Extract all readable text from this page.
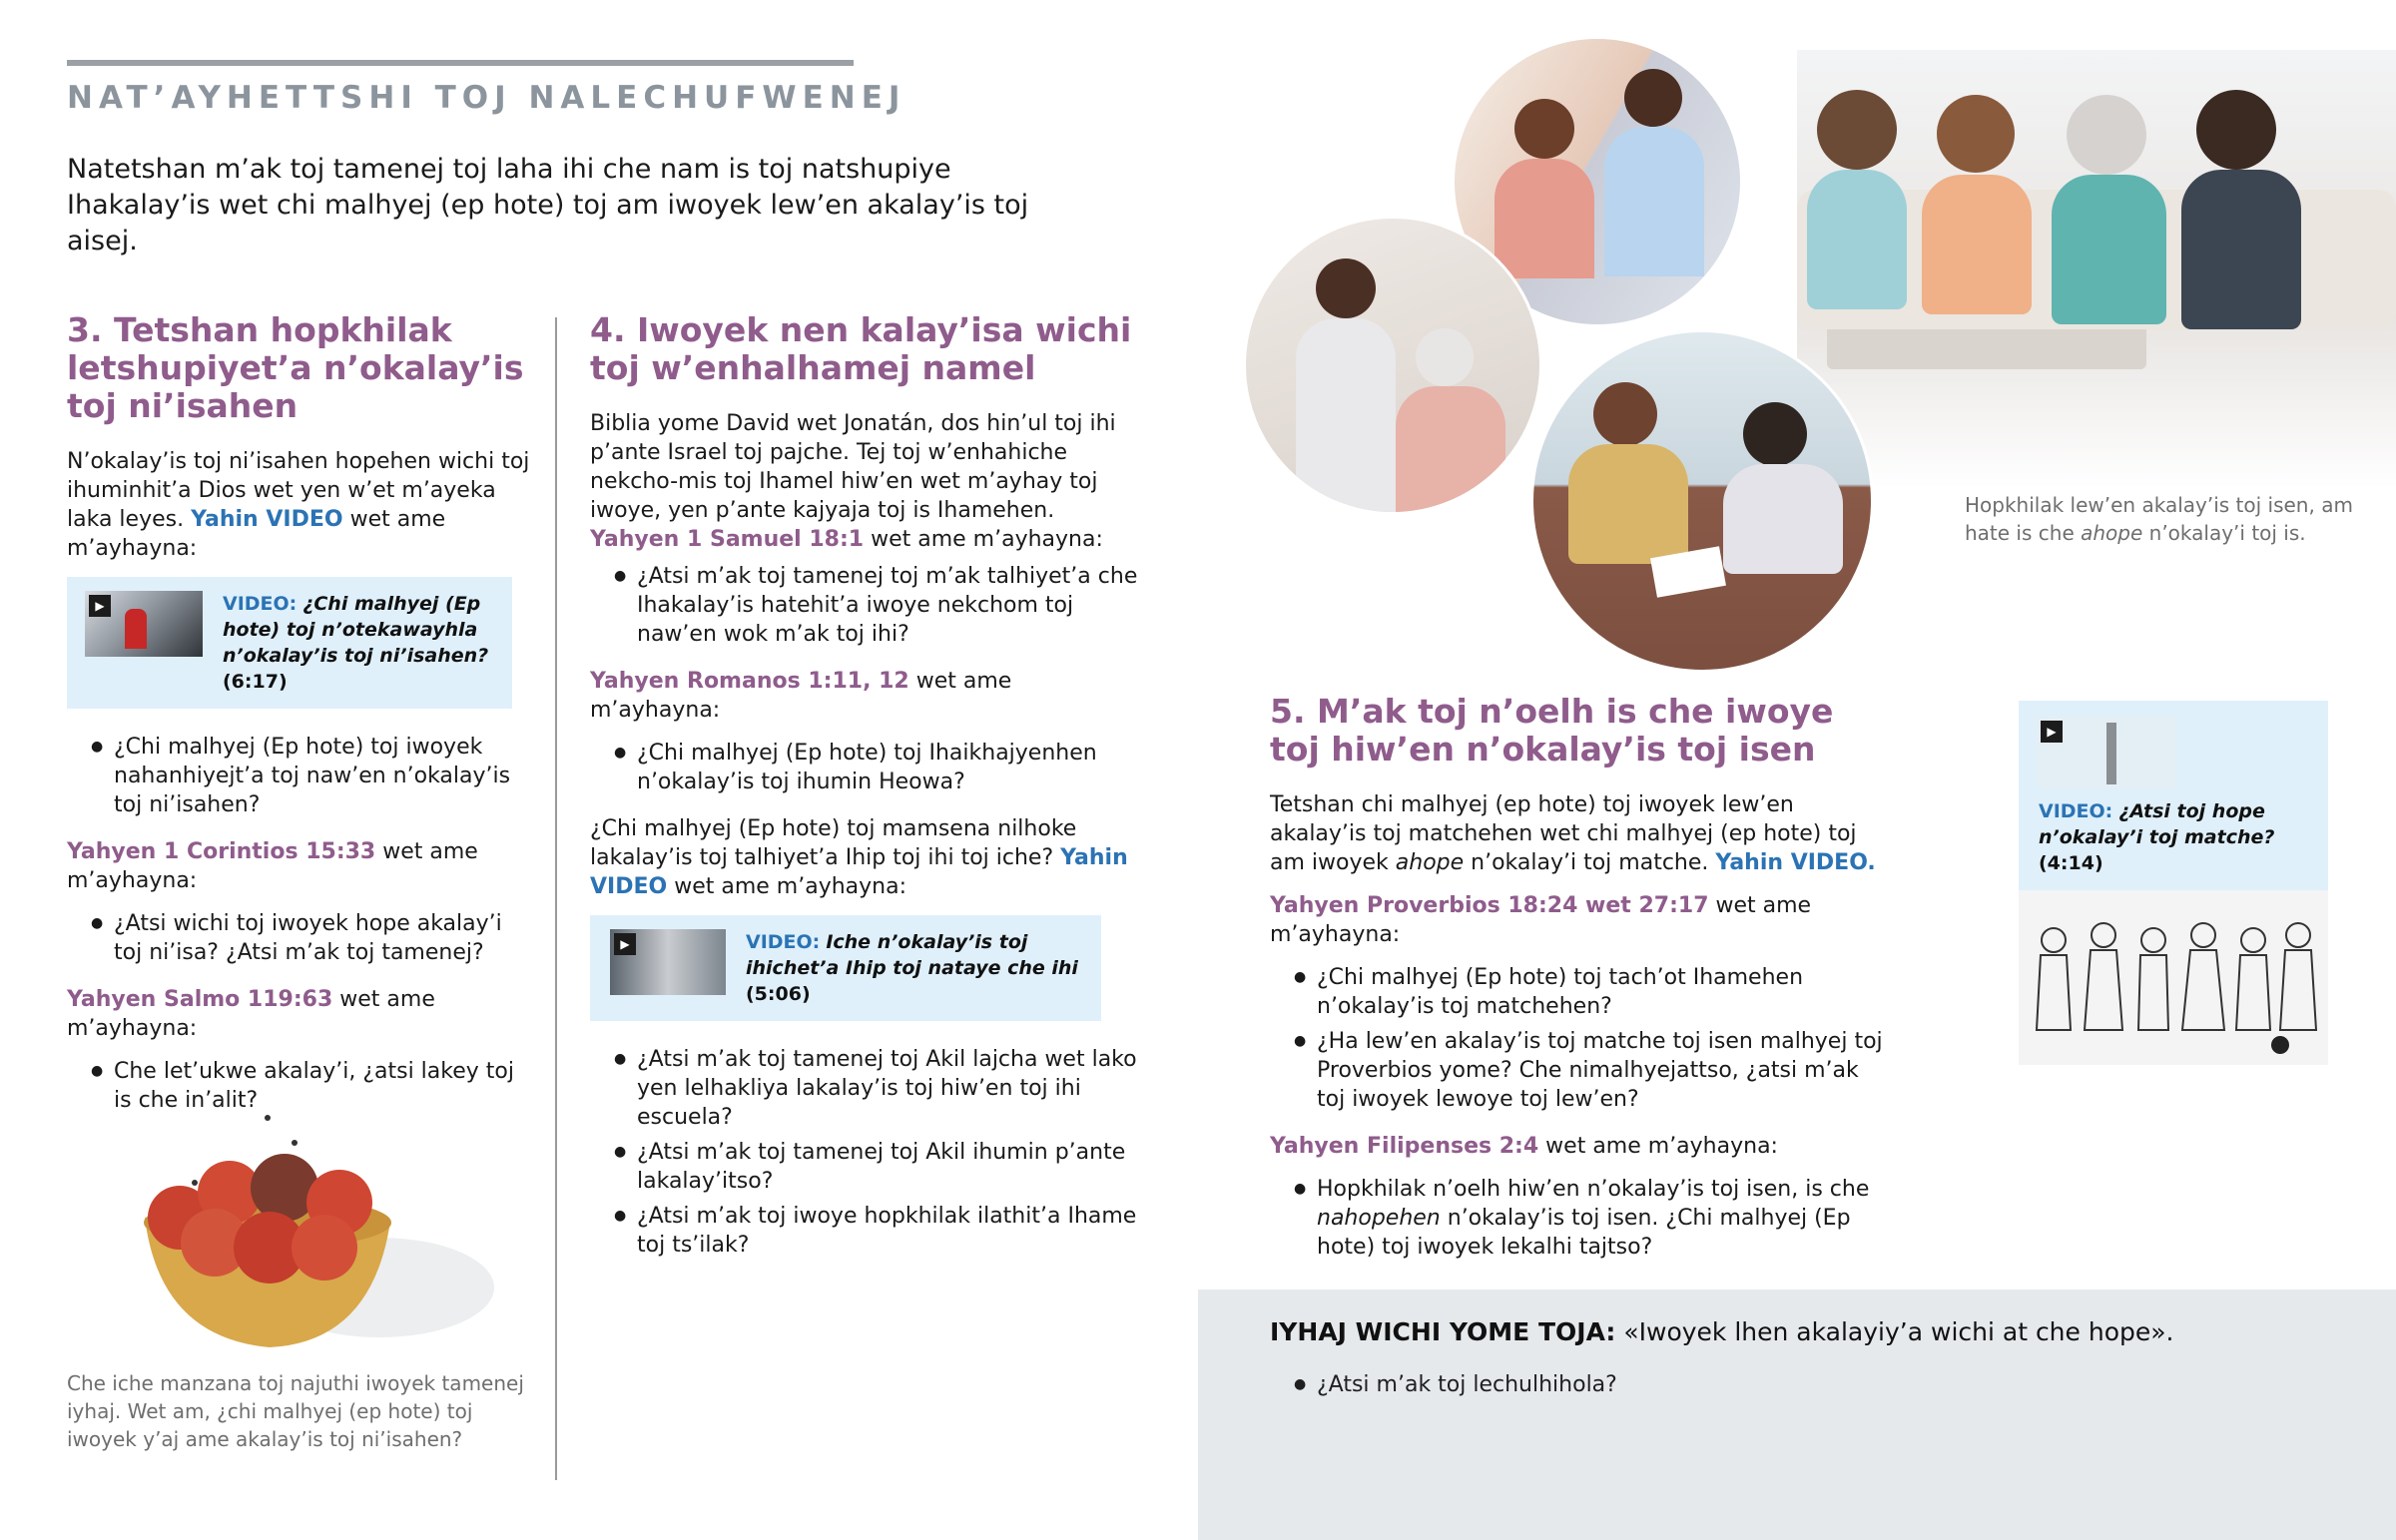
NAT’AYHETTSHI TOJ NALECHUFWENEJ
Natetshan m’ak toj tamenej toj laha ihi che nam is toj natshupiye Ihakalay’is wet chi malhyej (ep hote) toj am iwoyek lew’en akalay’is toj aisej.
3. Tetshan hopkhilak letshupiyet’a n’okalay’is toj ni’isahen

N’okalay’is toj ni’isahen hopehen wichi toj ihuminhit’a Dios wet yen w’et m’ayeka laka leyes. Yahin VIDEO wet ame m’ayhayna:

▶	VIDEO: ¿Chi malhyej (Ep hote) toj n’otekawayhla n’okalay’is toj ni’isahen? (6:17)
● ¿Chi malhyej (Ep hote) toj iwoyek nahanhiyejt’a toj naw’en n’okalay’is toj ni’isahen?

Yahyen 1 Corintios 15:33 wet ame m’ayhayna:

● ¿Atsi wichi toj iwoyek hope akalay’i toj ni’isa? ¿Atsi m’ak toj tamenej?

Yahyen Salmo 119:63 wet ame m’ayhayna:

● Che let’ukwe akalay’i, ¿atsi lakey toj is che in’alit?
Che iche manzana toj najuthi iwoyek tamenej iyhaj. Wet am, ¿chi malhyej (ep hote) toj iwoyek y’aj ame akalay’is toj ni’isahen?
4. Iwoyek nen kalay’isa wichi toj w’enhalhamej namel

Biblia yome David wet Jonatán, dos hin’ul toj ihi p’ante Israel toj pajche. Tej toj w’enhahiche nekcho-mis toj Ihamel hiw’en wet m’ayhay toj iwoye, yen p’ante kajyaja toj is Ihamehen. Yahyen 1 Samuel 18:1 wet ame m’ayhayna:

● ¿Atsi m’ak toj tamenej toj m’ak talhiyet’a che Ihakalay’is hatehit’a iwoye nekchom toj naw’en wok m’ak toj ihi?

Yahyen Romanos 1:11, 12 wet ame m’ayhayna:

● ¿Chi malhyej (Ep hote) toj Ihaikhajyenhen n’okalay’is toj ihumin Heowa?

¿Chi malhyej (Ep hote) toj mamsena nilhoke lakalay’is toj talhiyet’a Ihip toj ihi toj iche? Yahin VIDEO wet ame m’ayhayna:

▶	VIDEO: Iche n’okalay’is toj ihichet’a Ihip toj nataye che ihi (5:06)
● ¿Atsi m’ak toj tamenej toj Akil lajcha wet lako yen lelhakliya lakalay’is toj hiw’en toj ihi escuela?
● ¿Atsi m’ak toj tamenej toj Akil ihumin p’ante lakalay’itso?
● ¿Atsi m’ak toj iwoye hopkhilak ilathit’a Ihame toj ts’ilak?
Hopkhilak lew’en akalay’is toj isen, am hate is che ahope n’okalay’i toj is.
5. M’ak toj n’oelh is che iwoye toj hiw’en n’okalay’is toj isen

Tetshan chi malhyej (ep hote) toj iwoyek lew’en akalay’is toj matchehen wet chi malhyej (ep hote) toj am iwoyek ahope n’okalay’i toj matche. Yahin VIDEO.

Yahyen Proverbios 18:24 wet 27:17 wet ame m’ayhayna:

● ¿Chi malhyej (Ep hote) toj tach’ot Ihamehen n’okalay’is toj matchehen?
● ¿Ha lew’en akalay’is toj matche toj isen malhyej toj Proverbios yome? Che nimalhyejattso, ¿atsi m’ak toj iwoyek lewoye toj lew’en?

Yahyen Filipenses 2:4 wet ame m’ayhayna:

● Hopkhilak n’oelh hiw’en n’okalay’is toj isen, is che nahopehen n’okalay’is toj isen. ¿Chi malhyej (Ep hote) toj iwoyek lekalhi tajtso?
▶
VIDEO: ¿Atsi toj hope n’okalay’i toj matche? (4:14)
IYHAJ WICHI YOME TOJA: «Iwoyek lhen akalayiy’a wichi at che hope».
● ¿Atsi m’ak toj lechulhihola?
